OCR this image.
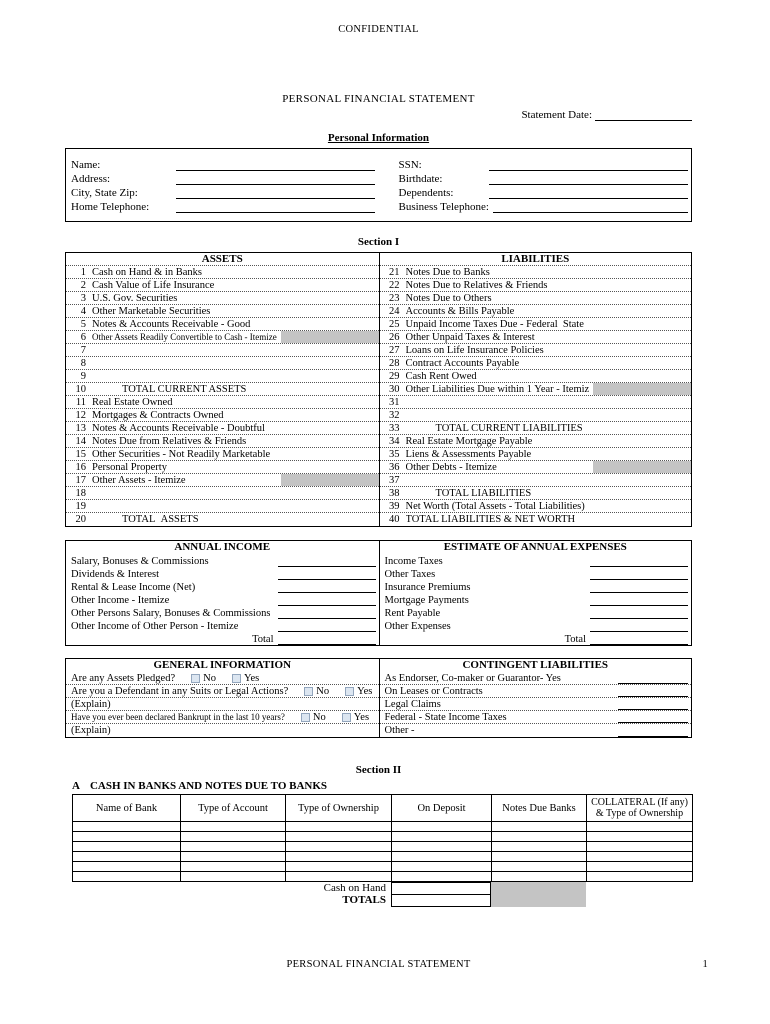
CONFIDENTIAL
PERSONAL FINANCIAL STATEMENT
Statement Date:
Personal Information
Name:
Address:
City, State Zip:
Home Telephone:
SSN:
Birthdate:
Dependents:
Business Telephone:
Section I
ASSETS
1 Cash on Hand & in Banks
2 Cash Value of Life Insurance
3 U.S. Gov. Securities
4 Other Marketable Securities
5 Notes & Accounts Receivable - Good
6 Other Assets Readily Convertible to Cash - Itemize
7
8
9
10	TOTAL CURRENT ASSETS
11 Real Estate Owned
12 Mortgages & Contracts Owned
13 Notes & Accounts Receivable - Doubtful
14 Notes Due from Relatives & Friends
15 Other Securities - Not Readily Marketable
16 Personal Property
17 Other Assets - Itemize
18
19
20	TOTAL  ASSETS
LIABILITIES
21 Notes Due to Banks
22 Notes Due to Relatives & Friends
23 Notes Due to Others
24 Accounts & Bills Payable
25 Unpaid Income Taxes Due - Federal  State
26 Other Unpaid Taxes & Interest
27 Loans on Life Insurance Policies
28 Contract Accounts Payable
29 Cash Rent Owed
30 Other Liabilities Due within 1 Year - Itemiz
31
32
33	TOTAL CURRENT LIABILITIES
34 Real Estate Mortgage Payable
35 Liens & Assessments Payable
36 Other Debts - Itemize
37
38	TOTAL LIABILITIES
39 Net Worth (Total Assets - Total Liabilities)
40 TOTAL LIABILITIES & NET WORTH
ANNUAL INCOME
Salary, Bonuses & Commissions
Dividends & Interest
Rental & Lease Income (Net)
Other Income - Itemize
Other Persons Salary, Bonuses & Commissions
Other Income of Other Person - Itemize
Total
ESTIMATE OF ANNUAL EXPENSES
Income Taxes
Other Taxes
Insurance Premiums
Mortgage Payments
Rent Payable
Other Expenses
Total
GENERAL INFORMATION
Are any Assets Pledged?	No	Yes
Are you a Defendant in any Suits or Legal Actions?	No	Yes
(Explain)
Have you ever been declared Bankrupt in the last 10 years?	No	Yes
(Explain)
CONTINGENT LIABILITIES
As Endorser, Co-maker or Guarantor- Yes
On Leases or Contracts
Legal Claims
Federal - State Income Taxes
Other -
Section II
A CASH IN BANKS AND NOTES DUE TO BANKS
Name of Bank	Type of Account	Type of Ownership	On Deposit	Notes Due Banks	COLLATERAL (If any)
& Type of Ownership

Cash on Hand
TOTALS
PERSONAL FINANCIAL STATEMENT	1
